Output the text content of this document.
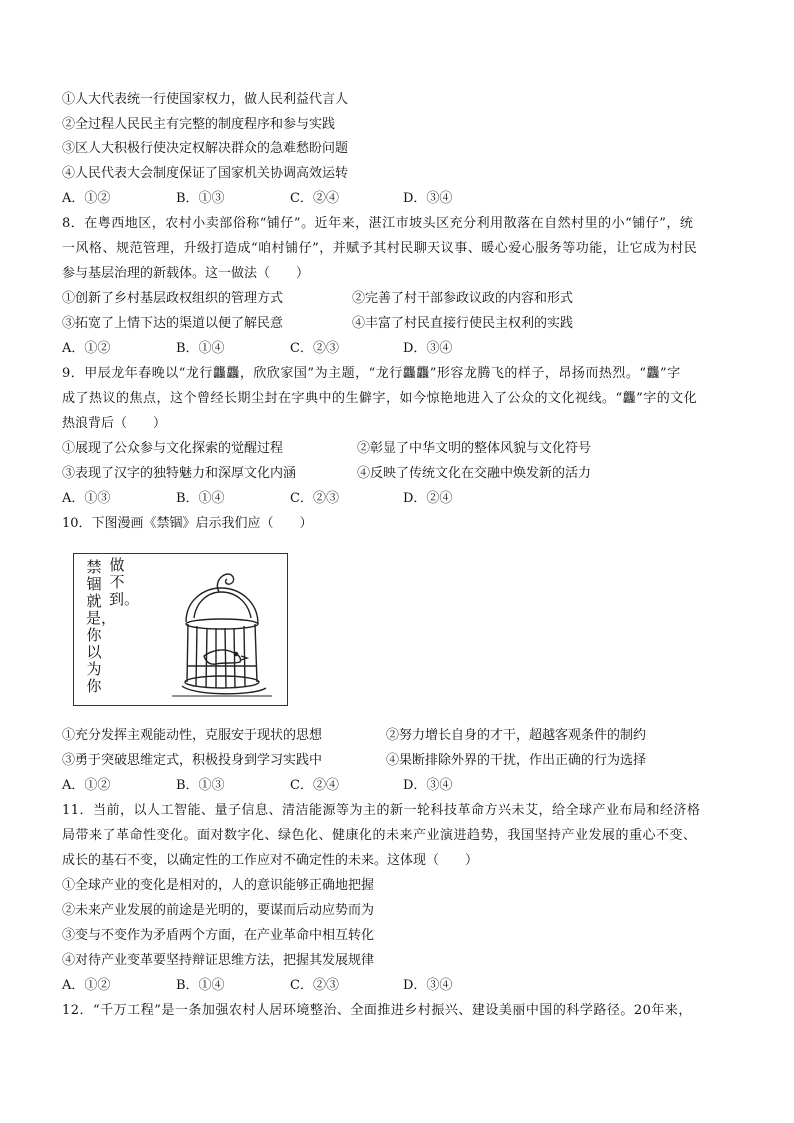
①人大代表统一行使国家权力，做人民利益代言人
②全过程人民民主有完整的制度程序和参与实践
③区人大积极行使决定权解决群众的急难愁盼问题
④人民代表大会制度保证了国家机关协调高效运转
A．①②	B．①③	C．②④	D．③④
8．在粤西地区，农村小卖部俗称“铺仔”。近年来，湛江市坡头区充分利用散落在自然村里的小“铺仔”，统
一风格、规范管理，升级打造成“咱村铺仔”，并赋予其村民聊天议事、暖心爱心服务等功能，让它成为村民
参与基层治理的新载体。这一做法（　　）
①创新了乡村基层政权组织的管理方式	②完善了村干部参政议政的内容和形式
③拓宽了上情下达的渠道以便了解民意	④丰富了村民直接行使民主权利的实践
A．①②	B．①④	C．②③	D．③④
9．甲辰龙年春晚以“龙行龘龘，欣欣家国”为主题，“龙行龘龘”形容龙腾飞的样子，昂扬而热烈。“龘”字
成了热议的焦点，这个曾经长期尘封在字典中的生僻字，如今惊艳地进入了公众的文化视线。“龘”字的文化
热浪背后（　　）
①展现了公众参与文化探索的觉醒过程	②彰显了中华文明的整体风貌与文化符号
③表现了汉字的独特魅力和深厚文化内涵	④反映了传统文化在交融中焕发新的活力
A．①③	B．①④	C．②③	D．②④
10．下图漫画《禁锢》启示我们应（　　）
禁锢就是，你以为你
做不到。
①充分发挥主观能动性，克服安于现状的思想	②努力增长自身的才干，超越客观条件的制约
③勇于突破思维定式，积极投身到学习实践中	④果断排除外界的干扰，作出正确的行为选择
A．①②	B．①③	C．②④	D．③④
11．当前，以人工智能、量子信息、清洁能源等为主的新一轮科技革命方兴未艾，给全球产业布局和经济格
局带来了革命性变化。面对数字化、绿色化、健康化的未来产业演进趋势，我国坚持产业发展的重心不变、
成长的基石不变，以确定性的工作应对不确定性的未来。这体现（　　）
①全球产业的变化是相对的，人的意识能够正确地把握
②未来产业发展的前途是光明的，要谋而后动应势而为
③变与不变作为矛盾两个方面，在产业革命中相互转化
④对待产业变革要坚持辩证思维方法，把握其发展规律
A．①②	B．①④	C．②③	D．③④
12．“千万工程”是一条加强农村人居环境整治、全面推进乡村振兴、建设美丽中国的科学路径。20年来，
